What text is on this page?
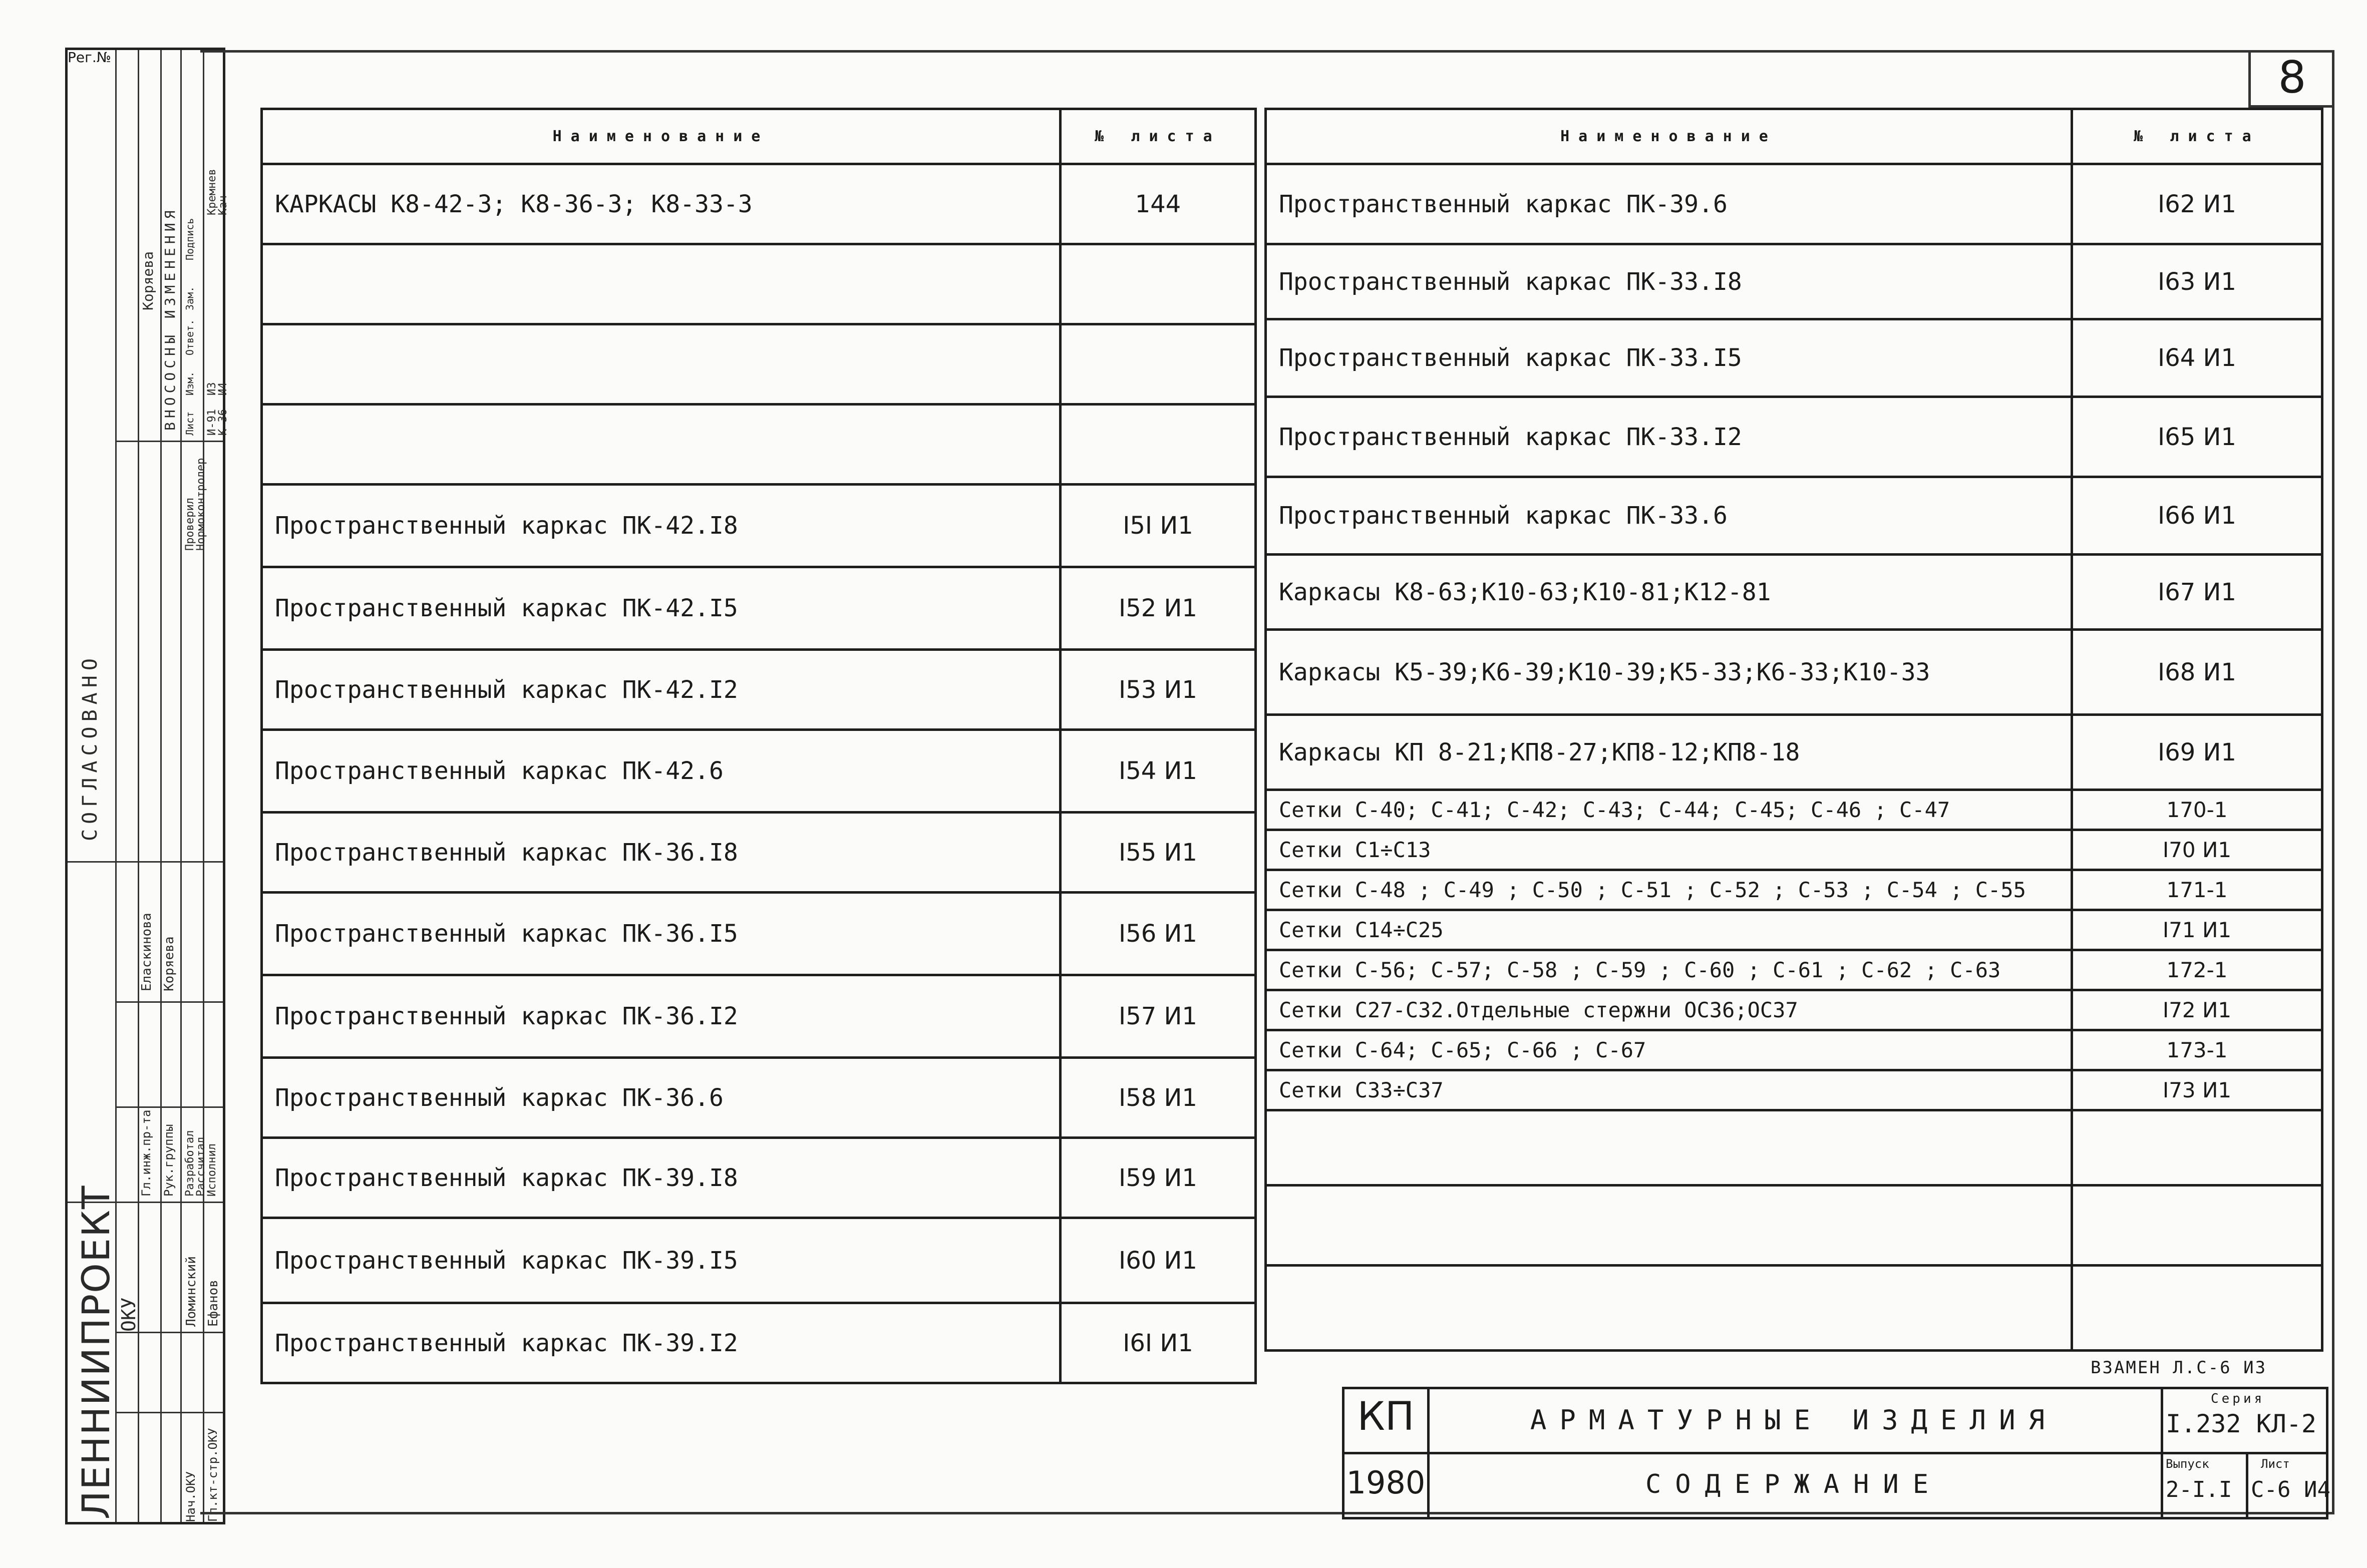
Рег.№
ЛЕННИИПРОЕКТ ОКУ
СОГЛАСОВАНО
ВНОСОСНЫ ИЗМЕНЕНИЯ
Коряева
Гл.инж.пр-та Рук.группы
Нач.ОКУ Гл.кт-стр.ОКУ
Еласкинова Коряева
Ломинский Ефанов
Разработал
Рассчитал
Исполнил
Проверил
Нормоконтролер
Лист
Изм.
Ответ.
Зам.
Подпись
И-91
К-36
ИЗ
И4
Кремнев
Кач
8
Наименование	№ листа
КАРКАСЫ К8-42-3; К8-36-3; К8-33-3	144

Пространственный каркас ПК-42.I8	I5I И1
Пространственный каркас ПК-42.I5	I52 И1
Пространственный каркас ПК-42.I2	I53 И1
Пространственный каркас ПК-42.6	I54 И1
Пространственный каркас ПК-36.I8	I55 И1
Пространственный каркас ПК-36.I5	I56 И1
Пространственный каркас ПК-36.I2	I57 И1
Пространственный каркас ПК-36.6	I58 И1
Пространственный каркас ПК-39.I8	I59 И1
Пространственный каркас ПК-39.I5	I60 И1
Пространственный каркас ПК-39.I2	I6I И1
Наименование	№ листа
Пространственный каркас ПК-39.6	I62 И1
Пространственный каркас ПК-33.I8	I63 И1
Пространственный каркас ПК-33.I5	I64 И1
Пространственный каркас ПК-33.I2	I65 И1
Пространственный каркас ПК-33.6	I66 И1
Каркасы К8-63;К10-63;К10-81;К12-81	I67 И1
Каркасы К5-39;К6-39;К10-39;К5-33;К6-33;К10-33	I68 И1
Каркасы КП 8-21;КП8-27;КП8-12;КП8-18	I69 И1
Сетки С-40; С-41; С-42; С-43; С-44; С-45; С-46 ; С-47	170-1
Сетки С1÷С13	I70 И1
Сетки С-48 ; С-49 ; С-50 ; С-51 ; С-52 ; С-53 ; С-54 ; С-55	171-1
Сетки С14÷С25	I71 И1
Сетки С-56; С-57; С-58 ; С-59 ; С-60 ; С-61 ; С-62 ; С-63	172-1
Сетки С27-С32.Отдельные стержни ОС36;ОС37	I72 И1
Сетки С-64; С-65; С-66 ; С-67	173-1
Сетки С33÷С37	I73 И1

ВЗАМЕН Л.С-6 И3
КП
1980
АРМАТУРНЫЕ ИЗДЕЛИЯ
СОДЕРЖАНИЕ
Серия
I.232 КЛ-2
Выпуск
2-I.I
Лист
С-6 И4
